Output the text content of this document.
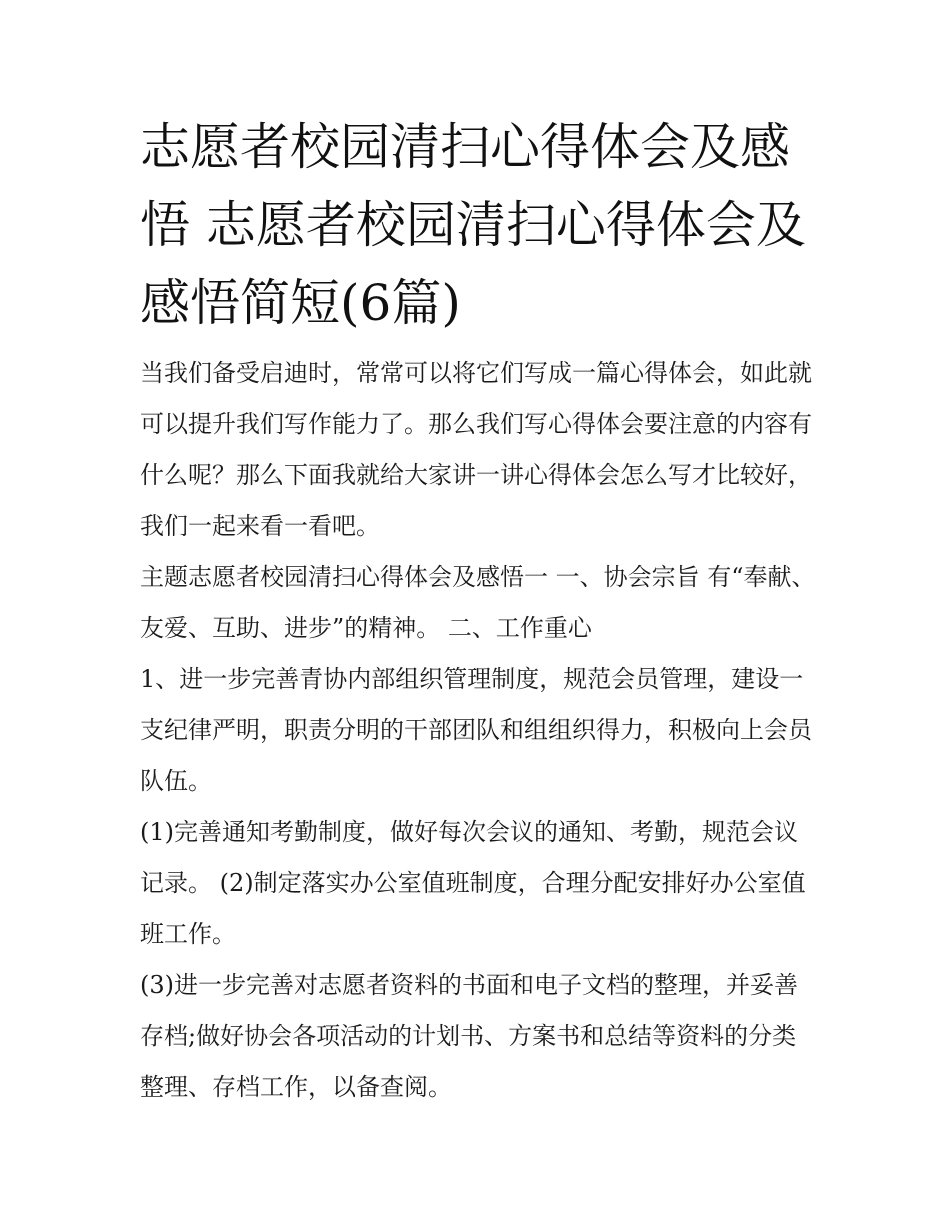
志愿者校园清扫心得体会及感悟 志愿者校园清扫心得体会及感悟简短(6篇)

当我们备受启迪时，常常可以将它们写成一篇心得体会，如此就可以提升我们写作能力了。那么我们写心得体会要注意的内容有什么呢？那么下面我就给大家讲一讲心得体会怎么写才比较好，我们一起来看一看吧。

主题志愿者校园清扫心得体会及感悟一 一、协会宗旨 有“奉献、友爱、互助、进步”的精神。 二、工作重心

1、进一步完善青协内部组织管理制度，规范会员管理，建设一支纪律严明，职责分明的干部团队和组组织得力，积极向上会员队伍。

(1)完善通知考勤制度，做好每次会议的通知、考勤，规范会议记录。 (2)制定落实办公室值班制度，合理分配安排好办公室值班工作。

(3)进一步完善对志愿者资料的书面和电子文档的整理，并妥善存档;做好协会各项活动的计划书、方案书和总结等资料的分类整理、存档工作，以备查阅。
